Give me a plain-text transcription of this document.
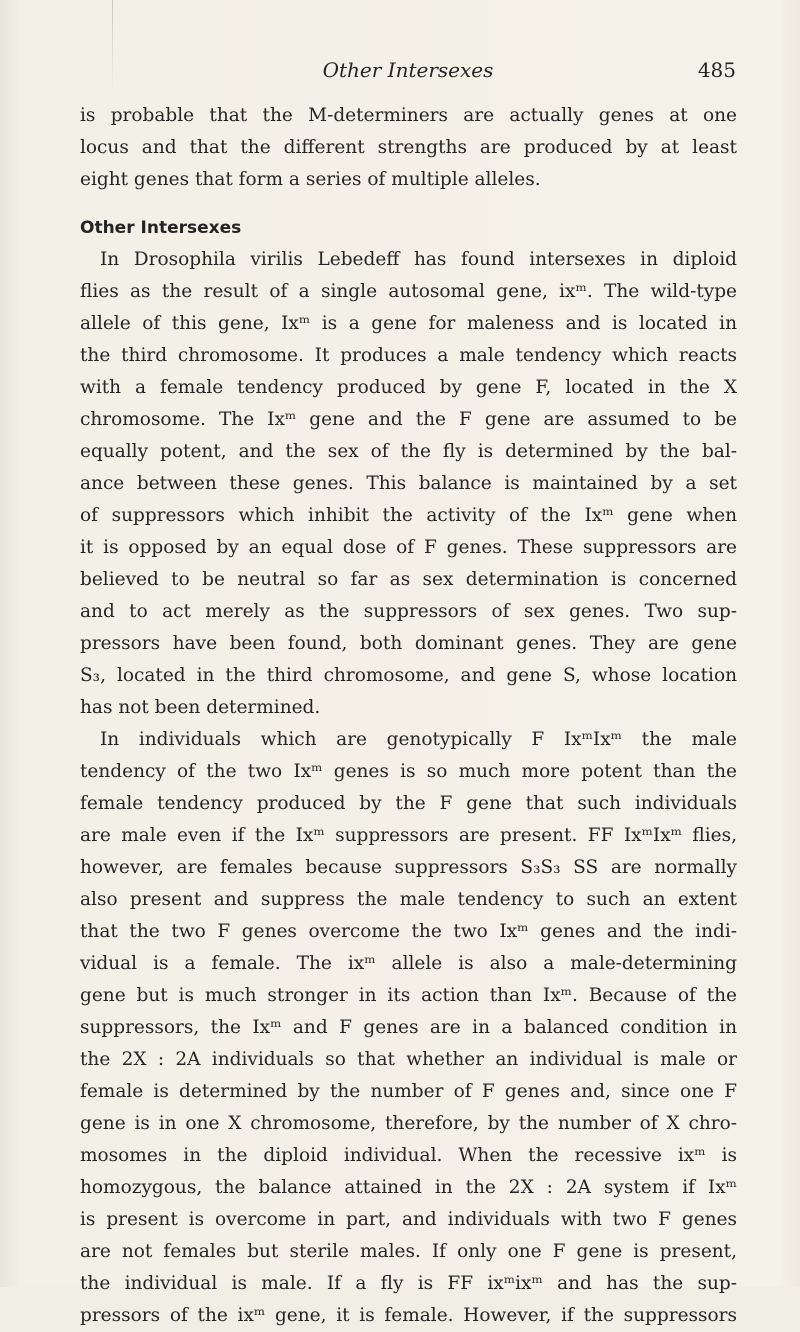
Other Intersexes	485
is probable that the M-determiners are actually genes at one
locus and that the different strengths are produced by at least
eight genes that form a series of multiple alleles.
Other Intersexes
In Drosophila virilis Lebedeff has found intersexes in diploid
flies as the result of a single autosomal gene, ixᵐ. The wild-type
allele of this gene, Ixᵐ is a gene for maleness and is located in
the third chromosome. It produces a male tendency which reacts
with a female tendency produced by gene F, located in the X
chromosome. The Ixᵐ gene and the F gene are assumed to be
equally potent, and the sex of the fly is determined by the bal-
ance between these genes. This balance is maintained by a set
of suppressors which inhibit the activity of the Ixᵐ gene when
it is opposed by an equal dose of F genes. These suppressors are
believed to be neutral so far as sex determination is concerned
and to act merely as the suppressors of sex genes. Two sup-
pressors have been found, both dominant genes. They are gene
S₃, located in the third chromosome, and gene S, whose location
has not been determined.
In individuals which are genotypically F IxᵐIxᵐ the male
tendency of the two Ixᵐ genes is so much more potent than the
female tendency produced by the F gene that such individuals
are male even if the Ixᵐ suppressors are present. FF IxᵐIxᵐ flies,
however, are females because suppressors S₃S₃ SS are normally
also present and suppress the male tendency to such an extent
that the two F genes overcome the two Ixᵐ genes and the indi-
vidual is a female. The ixᵐ allele is also a male-determining
gene but is much stronger in its action than Ixᵐ. Because of the
suppressors, the Ixᵐ and F genes are in a balanced condition in
the 2X : 2A individuals so that whether an individual is male or
female is determined by the number of F genes and, since one F
gene is in one X chromosome, therefore, by the number of X chro-
mosomes in the diploid individual. When the recessive ixᵐ is
homozygous, the balance attained in the 2X : 2A system if Ixᵐ
is present is overcome in part, and individuals with two F genes
are not females but sterile males. If only one F gene is present,
the individual is male. If a fly is FF ixᵐixᵐ and has the sup-
pressors of the ixᵐ gene, it is female. However, if the suppressors
